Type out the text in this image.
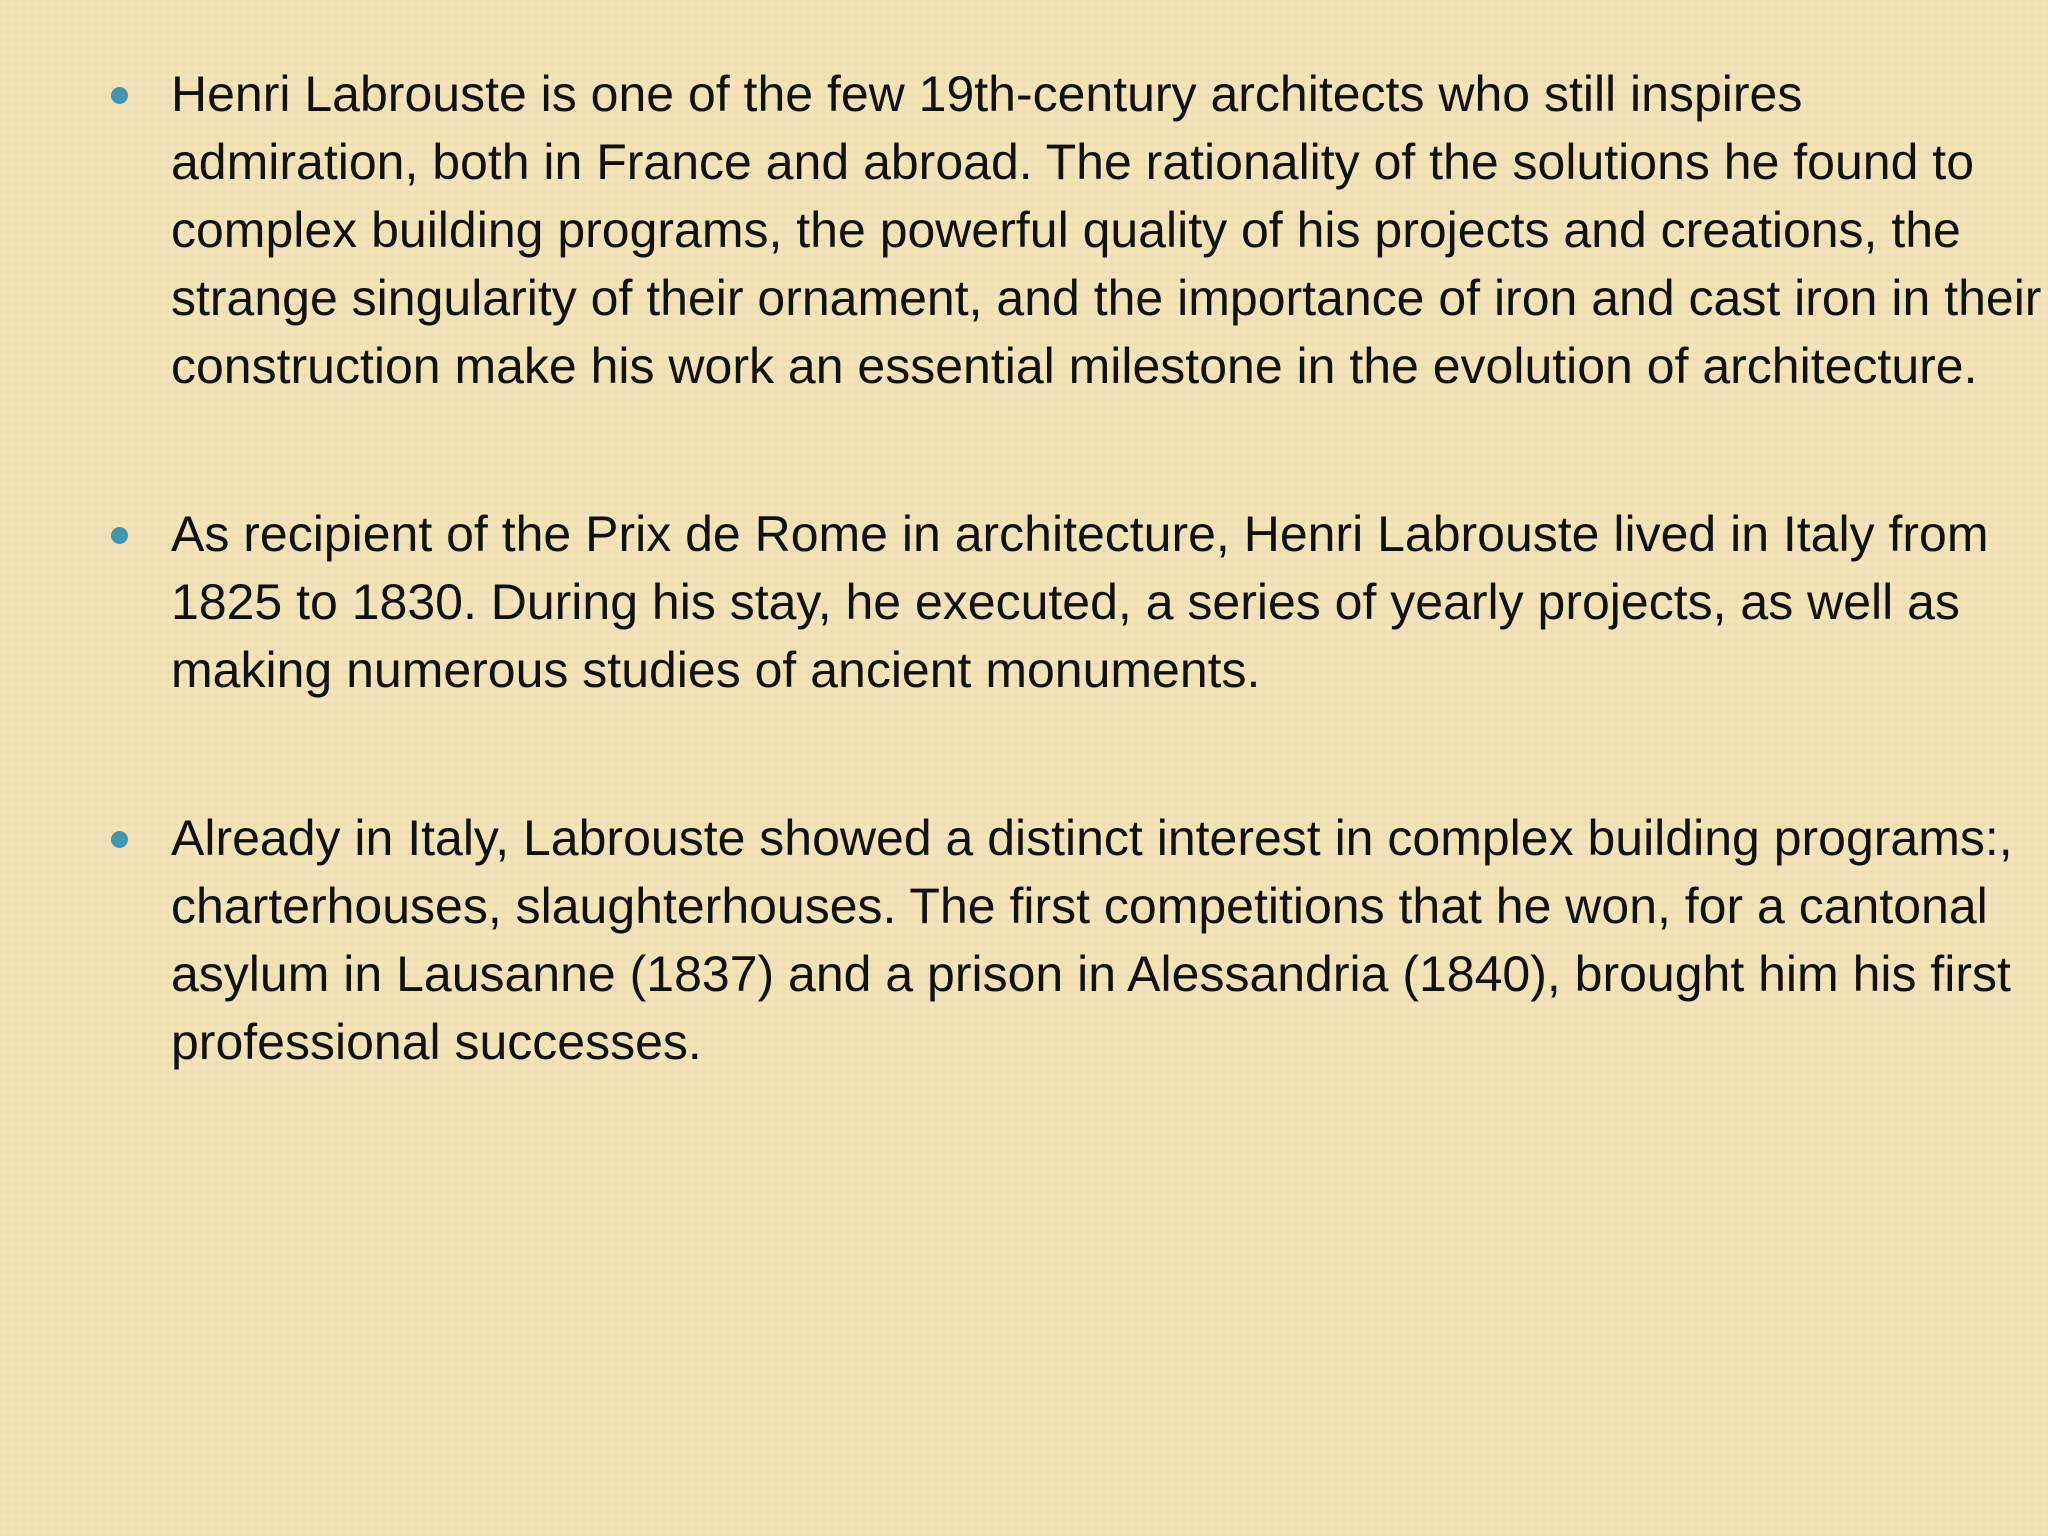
Henri Labrouste is one of the few 19th-century architects who still inspires admiration, both in France and abroad. The rationality of the solutions he found to complex building programs, the powerful quality of his projects and creations, the strange singularity of their ornament, and the importance of iron and cast iron in their construction make his work an essential milestone in the evolution of architecture.
As recipient of the Prix de Rome in architecture, Henri Labrouste lived in Italy from 1825 to 1830. During his stay, he executed, a series of yearly projects, as well as making numerous studies of ancient monuments.
Already in Italy, Labrouste showed a distinct interest in complex building programs:, charterhouses, slaughterhouses. The first competitions that he won, for a cantonal asylum in Lausanne (1837) and a prison in Alessandria (1840), brought him his first professional successes.
